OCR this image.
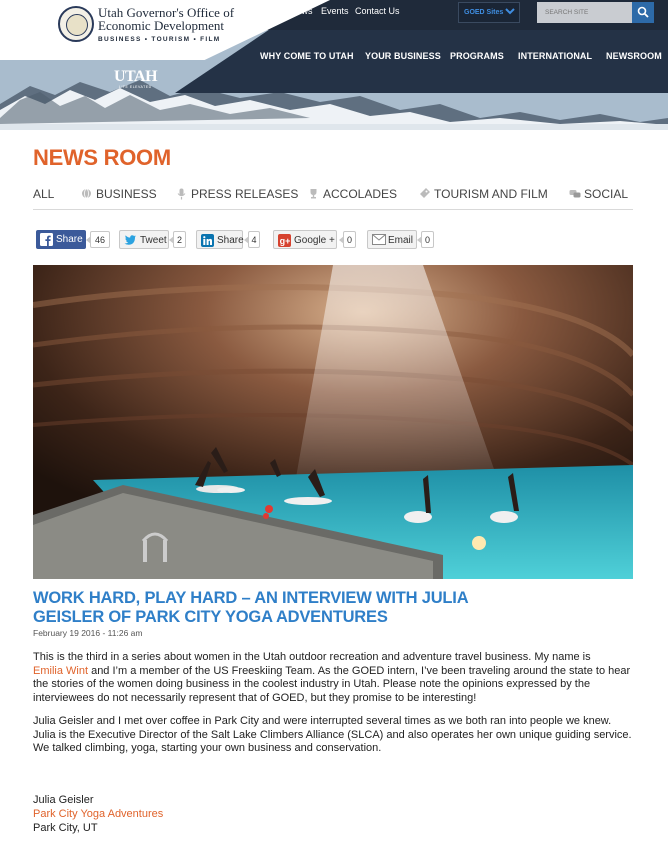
Utah Governor's Office of
Economic Development
BUSINESS • TOURISM • FILM
News Events Contact Us	GOED Sites
SEARCH SITE
WHY COME TO UTAH YOUR BUSINESS PROGRAMS INTERNATIONAL NEWSROOM
UTAH
LIFE ELEVATED
NEWS ROOM
ALL	BUSINESS	PRESS RELEASES ACCOLADES	TOURISM AND FILM	SOCIAL
Share	46	Tweet	2	Share 4	g+ Google +	0	Email	0
WORK HARD, PLAY HARD – AN INTERVIEW WITH JULIA
GEISLER OF PARK CITY YOGA ADVENTURES
February 19 2016 - 11:26 am

This is the third in a series about women in the Utah outdoor recreation and adventure travel business. My name is
Emilia Wint and I’m a member of the US Freeskiing Team. As the GOED intern, I’ve been traveling around the state to hear the stories of the women doing business in the coolest industry in Utah. Please note the opinions expressed by the interviewees do not necessarily represent that of GOED, but they promise to be interesting!

Julia Geisler and I met over coffee in Park City and were interrupted several times as we both ran into people we knew. Julia is the Executive Director of the Salt Lake Climbers Alliance (SLCA) and also operates her own unique guiding service. We talked climbing, yoga, starting your own business and conservation.

Julia Geisler
Park City Yoga Adventures
Park City, UT
